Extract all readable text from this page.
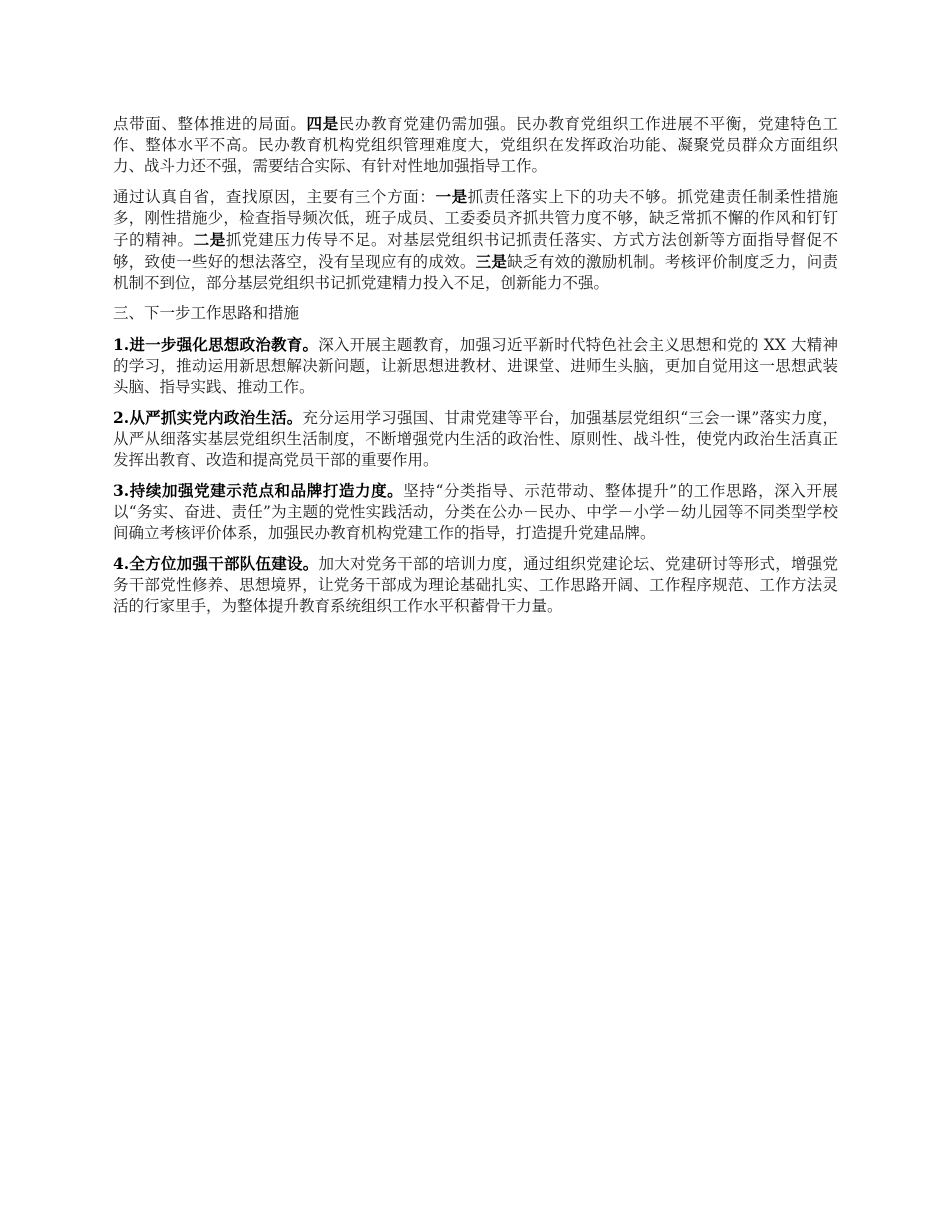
点带面、整体推进的局面。四是民办教育党建仍需加强。民办教育党组织工作进展不平衡，党建特色工作、整体水平不高。民办教育机构党组织管理难度大，党组织在发挥政治功能、凝聚党员群众方面组织力、战斗力还不强，需要结合实际、有针对性地加强指导工作。

通过认真自省，查找原因，主要有三个方面：一是抓责任落实上下的功夫不够。抓党建责任制柔性措施多，刚性措施少，检查指导频次低，班子成员、工委委员齐抓共管力度不够，缺乏常抓不懈的作风和钉钉子的精神。二是抓党建压力传导不足。对基层党组织书记抓责任落实、方式方法创新等方面指导督促不够，致使一些好的想法落空，没有呈现应有的成效。三是缺乏有效的激励机制。考核评价制度乏力，问责机制不到位，部分基层党组织书记抓党建精力投入不足，创新能力不强。

三、下一步工作思路和措施

1.进一步强化思想政治教育。深入开展主题教育，加强习近平新时代特色社会主义思想和党的 XX 大精神的学习，推动运用新思想解决新问题，让新思想进教材、进课堂、进师生头脑，更加自觉用这一思想武装头脑、指导实践、推动工作。

2.从严抓实党内政治生活。充分运用学习强国、甘肃党建等平台，加强基层党组织“三会一课”落实力度，从严从细落实基层党组织生活制度，不断增强党内生活的政治性、原则性、战斗性，使党内政治生活真正发挥出教育、改造和提高党员干部的重要作用。

3.持续加强党建示范点和品牌打造力度。坚持“分类指导、示范带动、整体提升”的工作思路，深入开展以“务实、奋进、责任”为主题的党性实践活动，分类在公办－民办、中学－小学－幼儿园等不同类型学校间确立考核评价体系，加强民办教育机构党建工作的指导，打造提升党建品牌。

4.全方位加强干部队伍建设。加大对党务干部的培训力度，通过组织党建论坛、党建研讨等形式，增强党务干部党性修养、思想境界，让党务干部成为理论基础扎实、工作思路开阔、工作程序规范、工作方法灵活的行家里手，为整体提升教育系统组织工作水平积蓄骨干力量。
